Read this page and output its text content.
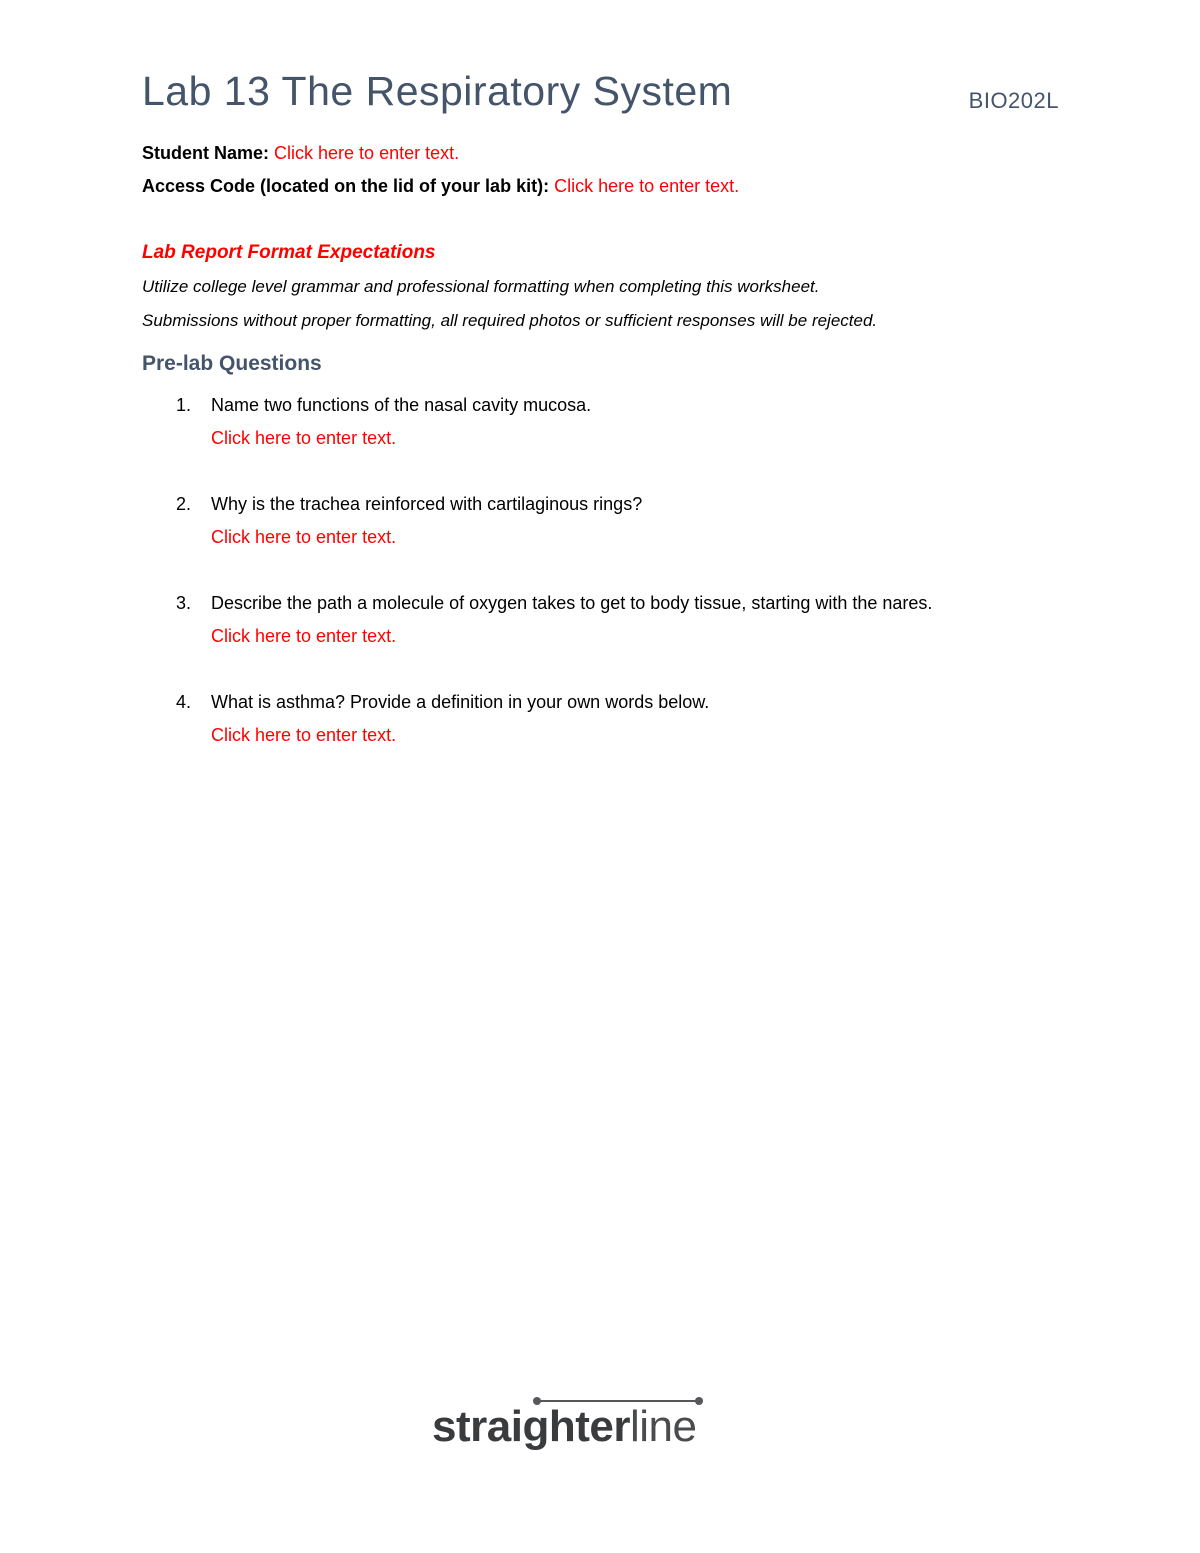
Lab 13 The Respiratory System	BIO202L
Student Name: Click here to enter text.
Access Code (located on the lid of your lab kit): Click here to enter text.
Lab Report Format Expectations
Utilize college level grammar and professional formatting when completing this worksheet.
Submissions without proper formatting, all required photos or sufficient responses will be rejected.
Pre-lab Questions
1. Name two functions of the nasal cavity mucosa.
Click here to enter text.
2. Why is the trachea reinforced with cartilaginous rings?
Click here to enter text.
3. Describe the path a molecule of oxygen takes to get to body tissue, starting with the nares.
Click here to enter text.
4. What is asthma? Provide a definition in your own words below.
Click here to enter text.
straighterline
